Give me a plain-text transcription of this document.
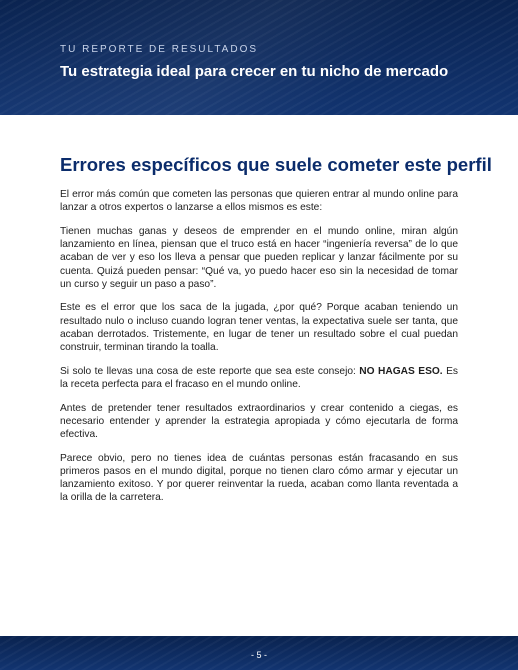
TU REPORTE DE RESULTADOS
Tu estrategia ideal para crecer en tu nicho de mercado
Errores específicos que suele cometer este perfil

El error más común que cometen las personas que quieren entrar al mundo online para lanzar a otros expertos o lanzarse a ellos mismos es este:

Tienen muchas ganas y deseos de emprender en el mundo online, miran algún lanzamiento en línea, piensan que el truco está en hacer “ingeniería reversa” de lo que acaban de ver y eso los lleva a pensar que pueden replicar y lanzar fácilmente por su cuenta. Quizá pueden pensar: “Qué va, yo puedo hacer eso sin la necesidad de tomar un curso y seguir un paso a paso”.

Este es el error que los saca de la jugada, ¿por qué? Porque acaban teniendo un resultado nulo o incluso cuando logran tener ventas, la expectativa suele ser tanta, que acaban derrotados. Tristemente, en lugar de tener un resultado sobre el cual puedan construir, terminan tirando la toalla.

Si solo te llevas una cosa de este reporte que sea este consejo: NO HAGAS ESO. Es la receta perfecta para el fracaso en el mundo online.

Antes de pretender tener resultados extraordinarios y crear contenido a ciegas, es necesario entender y aprender la estrategia apropiada y cómo ejecutarla de forma efectiva.

Parece obvio, pero no tienes idea de cuántas personas están fracasando en sus primeros pasos en el mundo digital, porque no tienen claro cómo armar y ejecutar un lanzamiento exitoso. Y por querer reinventar la rueda, acaban como llanta reventada a la orilla de la carretera.

- 5 -
